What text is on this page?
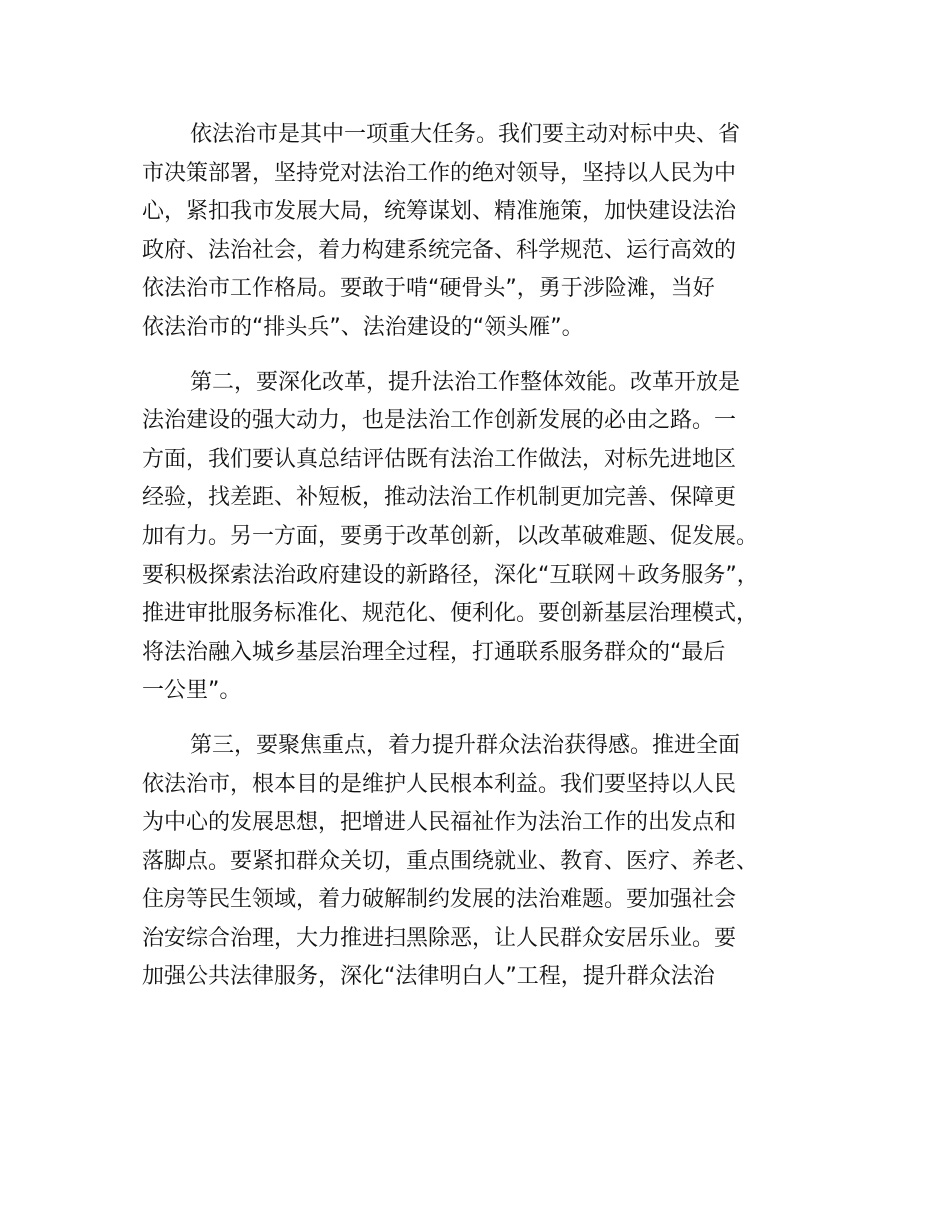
依法治市是其中一项重大任务。我们要主动对标中央、省
市决策部署，坚持党对法治工作的绝对领导，坚持以人民为中
心，紧扣我市发展大局，统筹谋划、精准施策，加快建设法治
政府、法治社会，着力构建系统完备、科学规范、运行高效的
依法治市工作格局。要敢于啃“硬骨头”，勇于涉险滩，当好
依法治市的“排头兵”、法治建设的“领头雁”。
第二，要深化改革，提升法治工作整体效能。改革开放是
法治建设的强大动力，也是法治工作创新发展的必由之路。一
方面，我们要认真总结评估既有法治工作做法，对标先进地区
经验，找差距、补短板，推动法治工作机制更加完善、保障更
加有力。另一方面，要勇于改革创新，以改革破难题、促发展。
要积极探索法治政府建设的新路径，深化“互联网＋政务服务”，
推进审批服务标准化、规范化、便利化。要创新基层治理模式，
将法治融入城乡基层治理全过程，打通联系服务群众的“最后
一公里”。
第三，要聚焦重点，着力提升群众法治获得感。推进全面
依法治市，根本目的是维护人民根本利益。我们要坚持以人民
为中心的发展思想，把增进人民福祉作为法治工作的出发点和
落脚点。要紧扣群众关切，重点围绕就业、教育、医疗、养老、
住房等民生领域，着力破解制约发展的法治难题。要加强社会
治安综合治理，大力推进扫黑除恶，让人民群众安居乐业。要
加强公共法律服务，深化“法律明白人”工程，提升群众法治
